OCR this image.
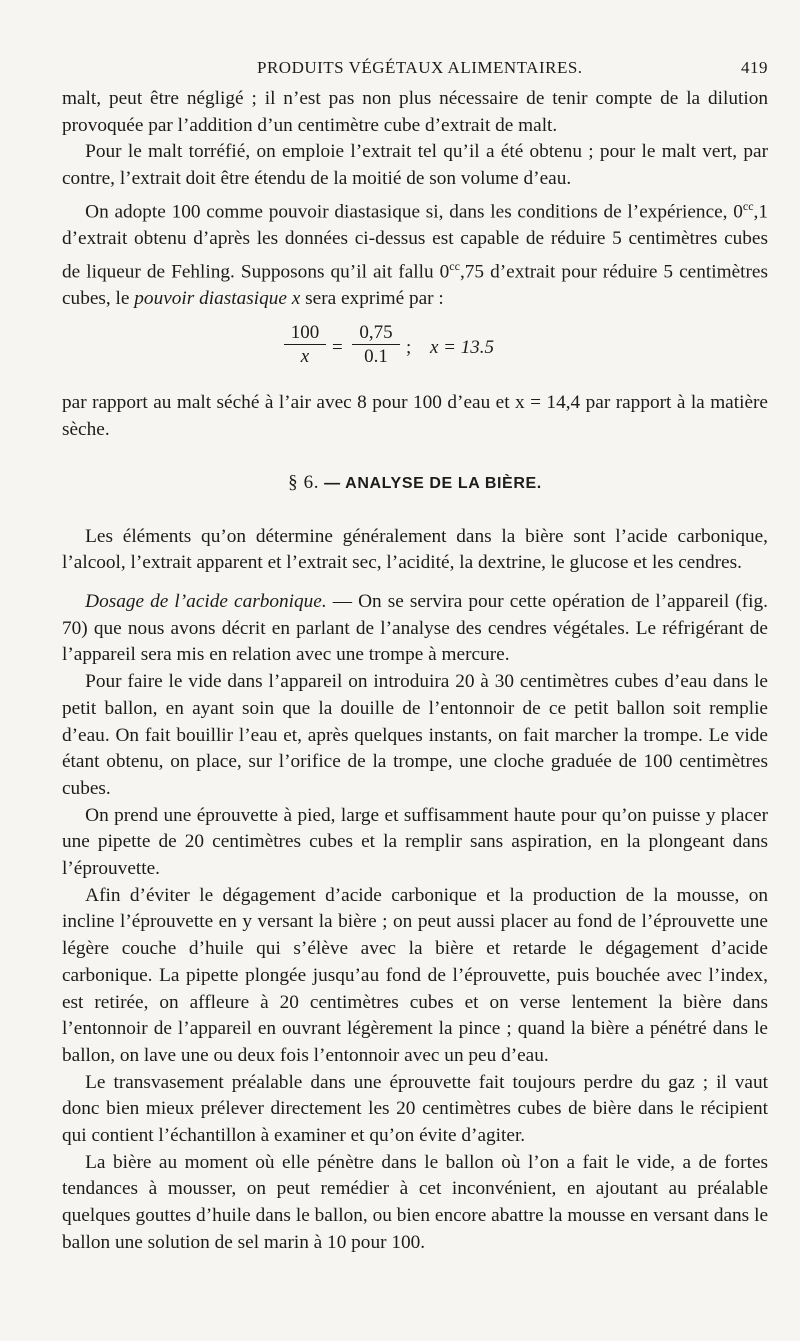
PRODUITS VÉGÉTAUX ALIMENTAIRES.	419

malt, peut être négligé ; il n’est pas non plus nécessaire de tenir compte de la dilution provoquée par l’addition d’un centimètre cube d’extrait de malt.

Pour le malt torréfié, on emploie l’extrait tel qu’il a été obtenu ; pour le malt vert, par contre, l’extrait doit être étendu de la moitié de son volume d’eau.

On adopte 100 comme pouvoir diastasique si, dans les conditions de l’expérience, $0^{cc},1$ d’extrait obtenu d’après les données ci-dessus est capable de réduire 5 centimètres cubes de liqueur de Fehling. Supposons qu’il ait fallu $0^{cc},75$ d’extrait pour réduire 5 centimètres cubes, le pouvoir diastasique x sera exprimé par :

$\frac{100}{x} = \frac{0,75}{0.1}$ ; x = 13.5

par rapport au malt séché à l’air avec 8 pour 100 d’eau et x = 14,4 par rapport à la matière sèche.

§ 6. — ANALYSE DE LA BIÈRE.

Les éléments qu’on détermine généralement dans la bière sont l’acide carbonique, l’alcool, l’extrait apparent et l’extrait sec, l’acidité, la dextrine, le glucose et les cendres.

Dosage de l’acide carbonique. — On se servira pour cette opération de l’appareil (fig. 70) que nous avons décrit en parlant de l’analyse des cendres végétales. Le réfrigérant de l’appareil sera mis en relation avec une trompe à mercure.

Pour faire le vide dans l’appareil on introduira 20 à 30 centimètres cubes d’eau dans le petit ballon, en ayant soin que la douille de l’entonnoir de ce petit ballon soit remplie d’eau. On fait bouillir l’eau et, après quelques instants, on fait marcher la trompe. Le vide étant obtenu, on place, sur l’orifice de la trompe, une cloche graduée de 100 centimètres cubes.

On prend une éprouvette à pied, large et suffisamment haute pour qu’on puisse y placer une pipette de 20 centimètres cubes et la remplir sans aspiration, en la plongeant dans l’éprouvette.

Afin d’éviter le dégagement d’acide carbonique et la production de la mousse, on incline l’éprouvette en y versant la bière ; on peut aussi placer au fond de l’éprouvette une légère couche d’huile qui s’élève avec la bière et retarde le dégagement d’acide carbonique. La pipette plongée jusqu’au fond de l’éprouvette, puis bouchée avec l’index, est retirée, on affleure à 20 centimètres cubes et on verse lentement la bière dans l’entonnoir de l’appareil en ouvrant légèrement la pince ; quand la bière a pénétré dans le ballon, on lave une ou deux fois l’entonnoir avec un peu d’eau.

Le transvasement préalable dans une éprouvette fait toujours perdre du gaz ; il vaut donc bien mieux prélever directement les 20 centimètres cubes de bière dans le récipient qui contient l’échantillon à examiner et qu’on évite d’agiter.

La bière au moment où elle pénètre dans le ballon où l’on a fait le vide, a de fortes tendances à mousser, on peut remédier à cet inconvénient, en ajoutant au préalable quelques gouttes d’huile dans le ballon, ou bien encore abattre la mousse en versant dans le ballon une solution de sel marin à 10 pour 100.
